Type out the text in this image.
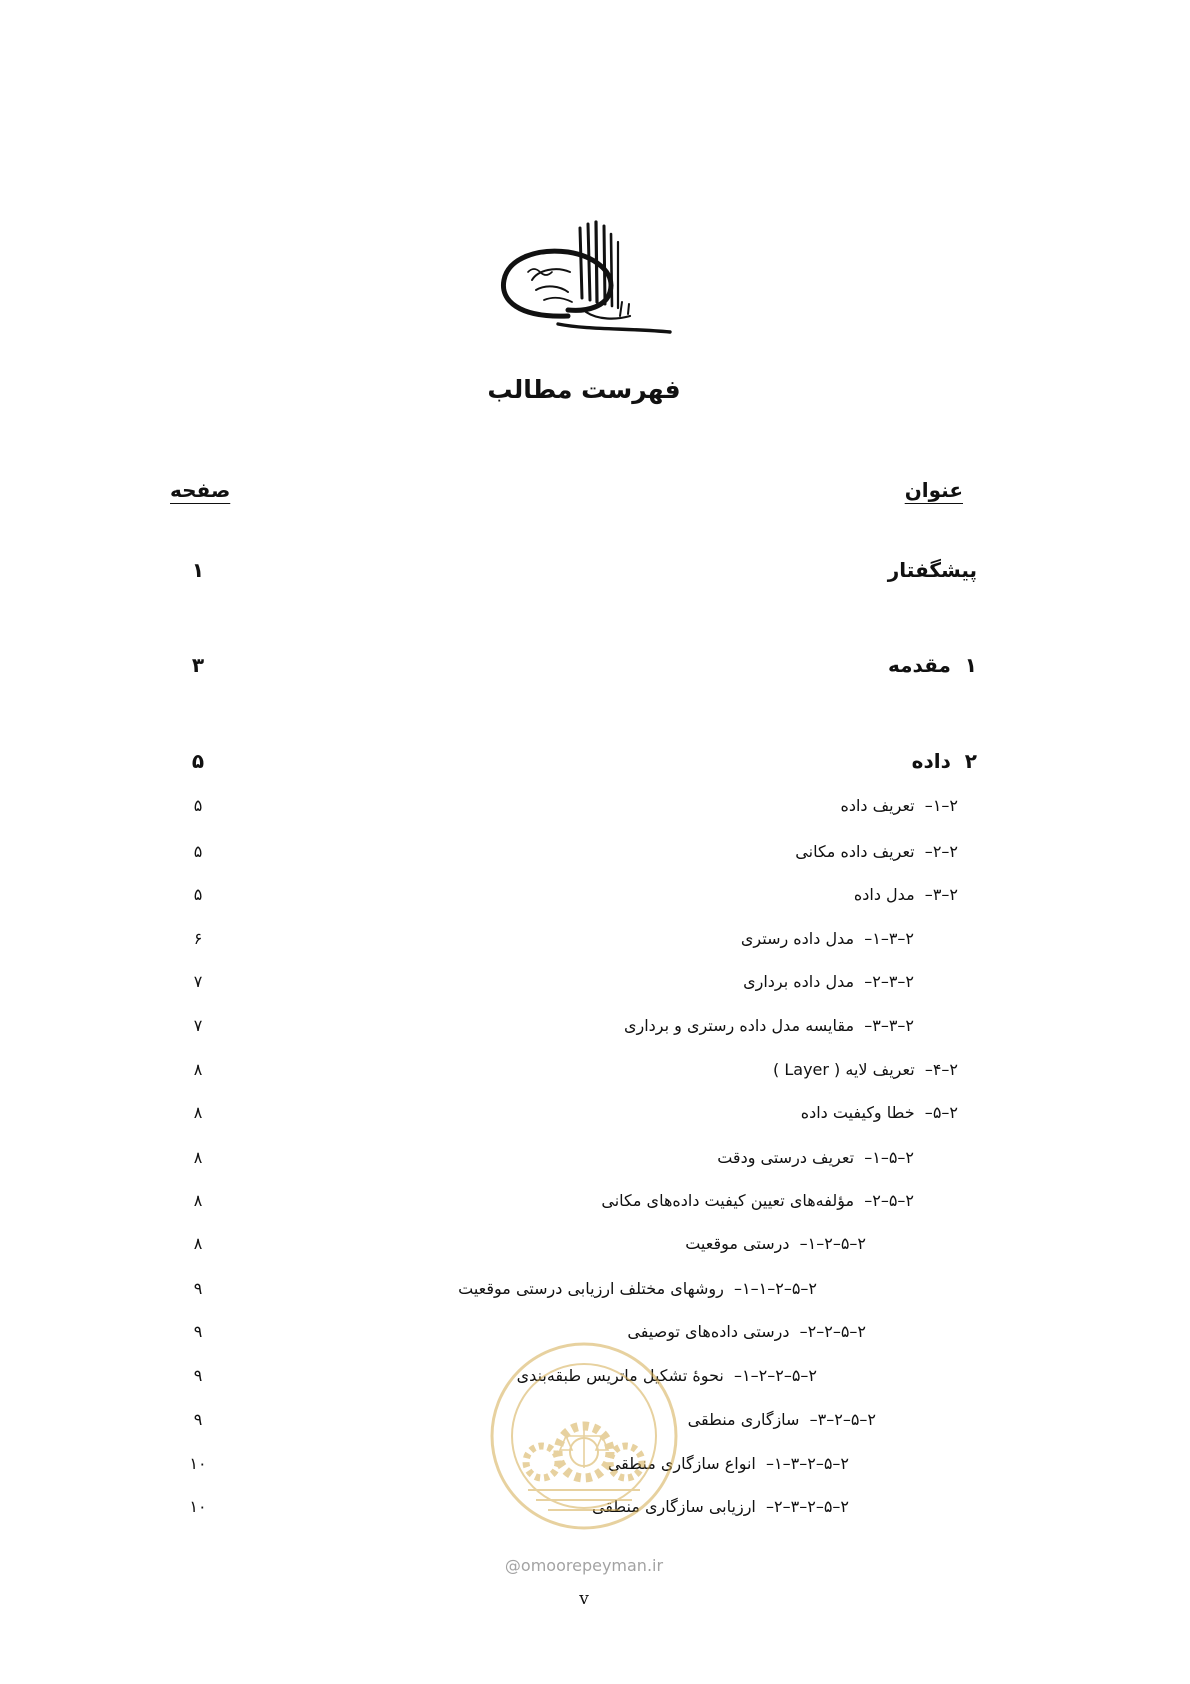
فهرست مطالب
عنوان
صفحه
پیشگفتار
۱
۱  مقدمه
۳
۲  داده
۵
۲–۱–  تعریف داده
۵
۲–۲–  تعریف داده مکانی
۵
۲–۳–  مدل داده
۵
۲–۳–۱–  مدل داده رستری
۶
۲–۳–۲–  مدل داده برداری
۷
۲–۳–۳–  مقایسه مدل داده رستری و برداری
۷
۲–۴–  تعریف لایه ( Layer )
۸
۲–۵–  خطا وکیفیت داده
۸
۲–۵–۱–  تعریف درستی ودقت
۸
۲–۵–۲–  مؤلفه‌های تعیین کیفیت داده‌های مکانی
۸
۲–۵–۲–۱–  درستی موقعیت
۸
۲–۵–۲–۱–۱–  روشهای مختلف ارزیابی درستی موقعیت
۹
۲–۵–۲–۲–  درستی داده‌های توصیفی
۹
۲–۵–۲–۲–۱–  نحوهٔ تشکیل ماتریس طبقه‌بندی
۹
۲–۵–۲–۳–  سازگاری منطقی
۹
۲–۵–۲–۳–۱–  انواع سازگاری منطقی
۱۰
۲–۵–۲–۳–۲–  ارزیابی سازگاری منطقی
۱۰
@omoorepeyman.ir
v
